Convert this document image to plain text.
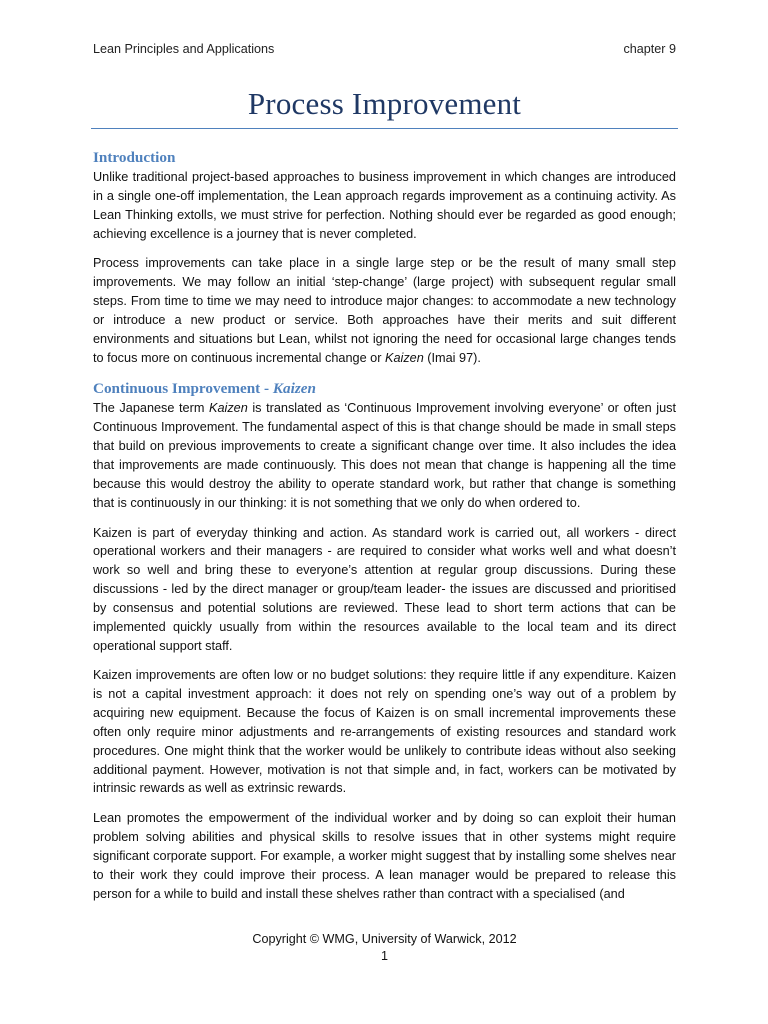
Lean Principles and Applications	chapter 9
Process Improvement
Introduction

Unlike traditional project-based approaches to business improvement in which changes are introduced in a single one-off implementation, the Lean approach regards improvement as a continuing activity. As Lean Thinking extolls, we must strive for perfection. Nothing should ever be regarded as good enough; achieving excellence is a journey that is never completed.

Process improvements can take place in a single large step or be the result of many small step improvements. We may follow an initial ‘step-change’ (large project) with subsequent regular small steps. From time to time we may need to introduce major changes: to accommodate a new technology or introduce a new product or service. Both approaches have their merits and suit different environments and situations but Lean, whilst not ignoring the need for occasional large changes tends to focus more on continuous incremental change or Kaizen (Imai 97).

Continuous Improvement - Kaizen

The Japanese term Kaizen is translated as ‘Continuous Improvement involving everyone’ or often just Continuous Improvement. The fundamental aspect of this is that change should be made in small steps that build on previous improvements to create a significant change over time. It also includes the idea that improvements are made continuously. This does not mean that change is happening all the time because this would destroy the ability to operate standard work, but rather that change is something that is continuously in our thinking: it is not something that we only do when ordered to.

Kaizen is part of everyday thinking and action. As standard work is carried out, all workers - direct operational workers and their managers - are required to consider what works well and what doesn’t work so well and bring these to everyone’s attention at regular group discussions. During these discussions - led by the direct manager or group/team leader- the issues are discussed and prioritised by consensus and potential solutions are reviewed. These lead to short term actions that can be implemented quickly usually from within the resources available to the local team and its direct operational support staff.

Kaizen improvements are often low or no budget solutions: they require little if any expenditure. Kaizen is not a capital investment approach: it does not rely on spending one’s way out of a problem by acquiring new equipment. Because the focus of Kaizen is on small incremental improvements these often only require minor adjustments and re-arrangements of existing resources and standard work procedures. One might think that the worker would be unlikely to contribute ideas without also seeking additional payment. However, motivation is not that simple and, in fact, workers can be motivated by intrinsic rewards as well as extrinsic rewards.

Lean promotes the empowerment of the individual worker and by doing so can exploit their human problem solving abilities and physical skills to resolve issues that in other systems might require significant corporate support. For example, a worker might suggest that by installing some shelves near to their work they could improve their process. A lean manager would be prepared to release this person for a while to build and install these shelves rather than contract with a specialised (and

Copyright © WMG, University of Warwick, 2012
1
